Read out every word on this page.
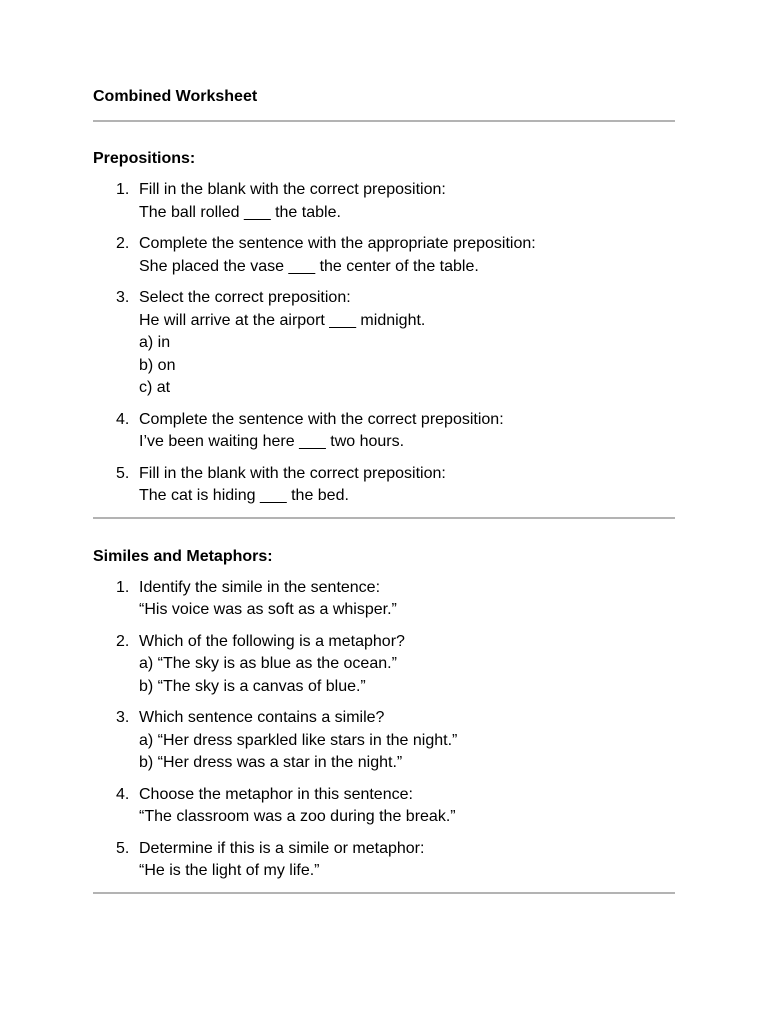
Combined Worksheet
Prepositions:
1. Fill in the blank with the correct preposition:
The ball rolled ___ the table.
2. Complete the sentence with the appropriate preposition:
She placed the vase ___ the center of the table.
3. Select the correct preposition:
He will arrive at the airport ___ midnight.
a) in
b) on
c) at
4. Complete the sentence with the correct preposition:
I’ve been waiting here ___ two hours.
5. Fill in the blank with the correct preposition:
The cat is hiding ___ the bed.
Similes and Metaphors:
1. Identify the simile in the sentence:
“His voice was as soft as a whisper.”
2. Which of the following is a metaphor?
a) “The sky is as blue as the ocean.”
b) “The sky is a canvas of blue.”
3. Which sentence contains a simile?
a) “Her dress sparkled like stars in the night.”
b) “Her dress was a star in the night.”
4. Choose the metaphor in this sentence:
“The classroom was a zoo during the break.”
5. Determine if this is a simile or metaphor:
“He is the light of my life.”
